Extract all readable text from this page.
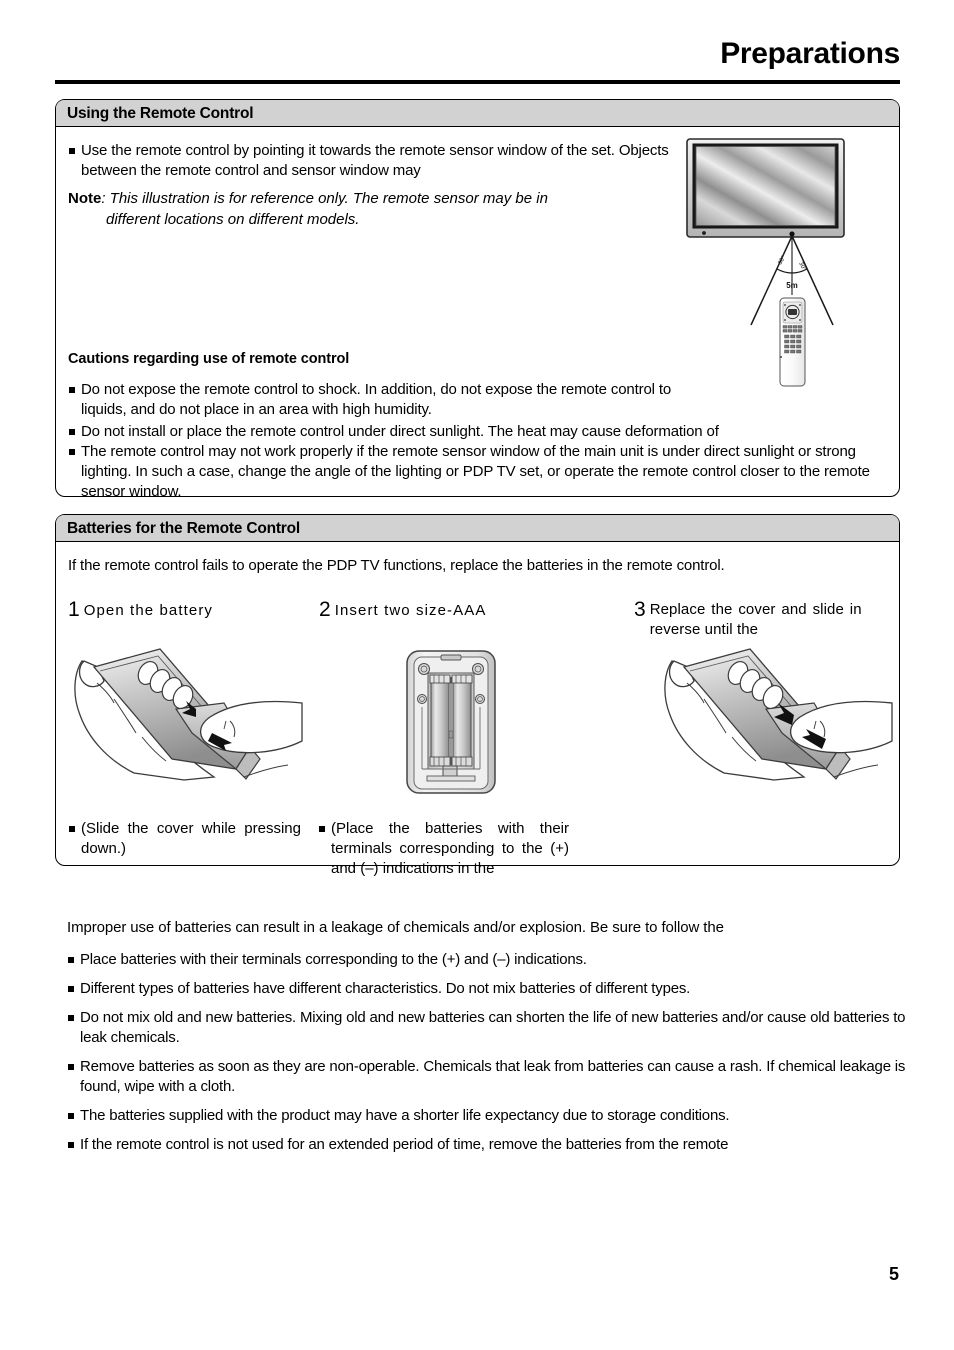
Preparations
Using the Remote Control
Use the remote control by pointing it towards the remote sensor window of the set. Objects between the remote control and sensor window may
Note: This illustration is for reference only. The remote sensor may be in
different locations on different models.
Cautions regarding use of remote control
Do not expose the remote control to shock. In addition, do not expose the remote control to liquids, and do not place in an area with high humidity.
Do not install or place the remote control under direct sunlight. The heat may cause deformation of
The remote control may not work properly if the remote sensor window of the main unit is under direct sunlight or strong lighting. In such a case, change the angle of the lighting or PDP TV set, or operate the remote control closer to the remote sensor window.
30°
30°
5m
Batteries for the Remote Control
If the remote control fails to operate the PDP TV functions, replace the batteries in the remote control.
1 Open the battery
(Slide the cover while pressing down.)
2 Insert two size-AAA
(Place the batteries with their terminals corresponding to the (+) and (–) indications in the
3 Replace the cover and slide in reverse until the
Improper use of batteries can result in a leakage of chemicals and/or explosion. Be sure to follow the
Place batteries with their terminals corresponding to the (+) and (–) indications.
Different types of batteries have different characteristics. Do not mix batteries of different types.
Do not mix old and new batteries. Mixing old and new batteries can shorten the life of new batteries and/or cause old batteries to leak chemicals.
Remove batteries as soon as they are non-operable. Chemicals that leak from batteries can cause a rash. If chemical leakage is found, wipe with a cloth.
The batteries supplied with the product may have a shorter life expectancy due to storage conditions.
If the remote control is not used for an extended period of time, remove the batteries from the remote
5
